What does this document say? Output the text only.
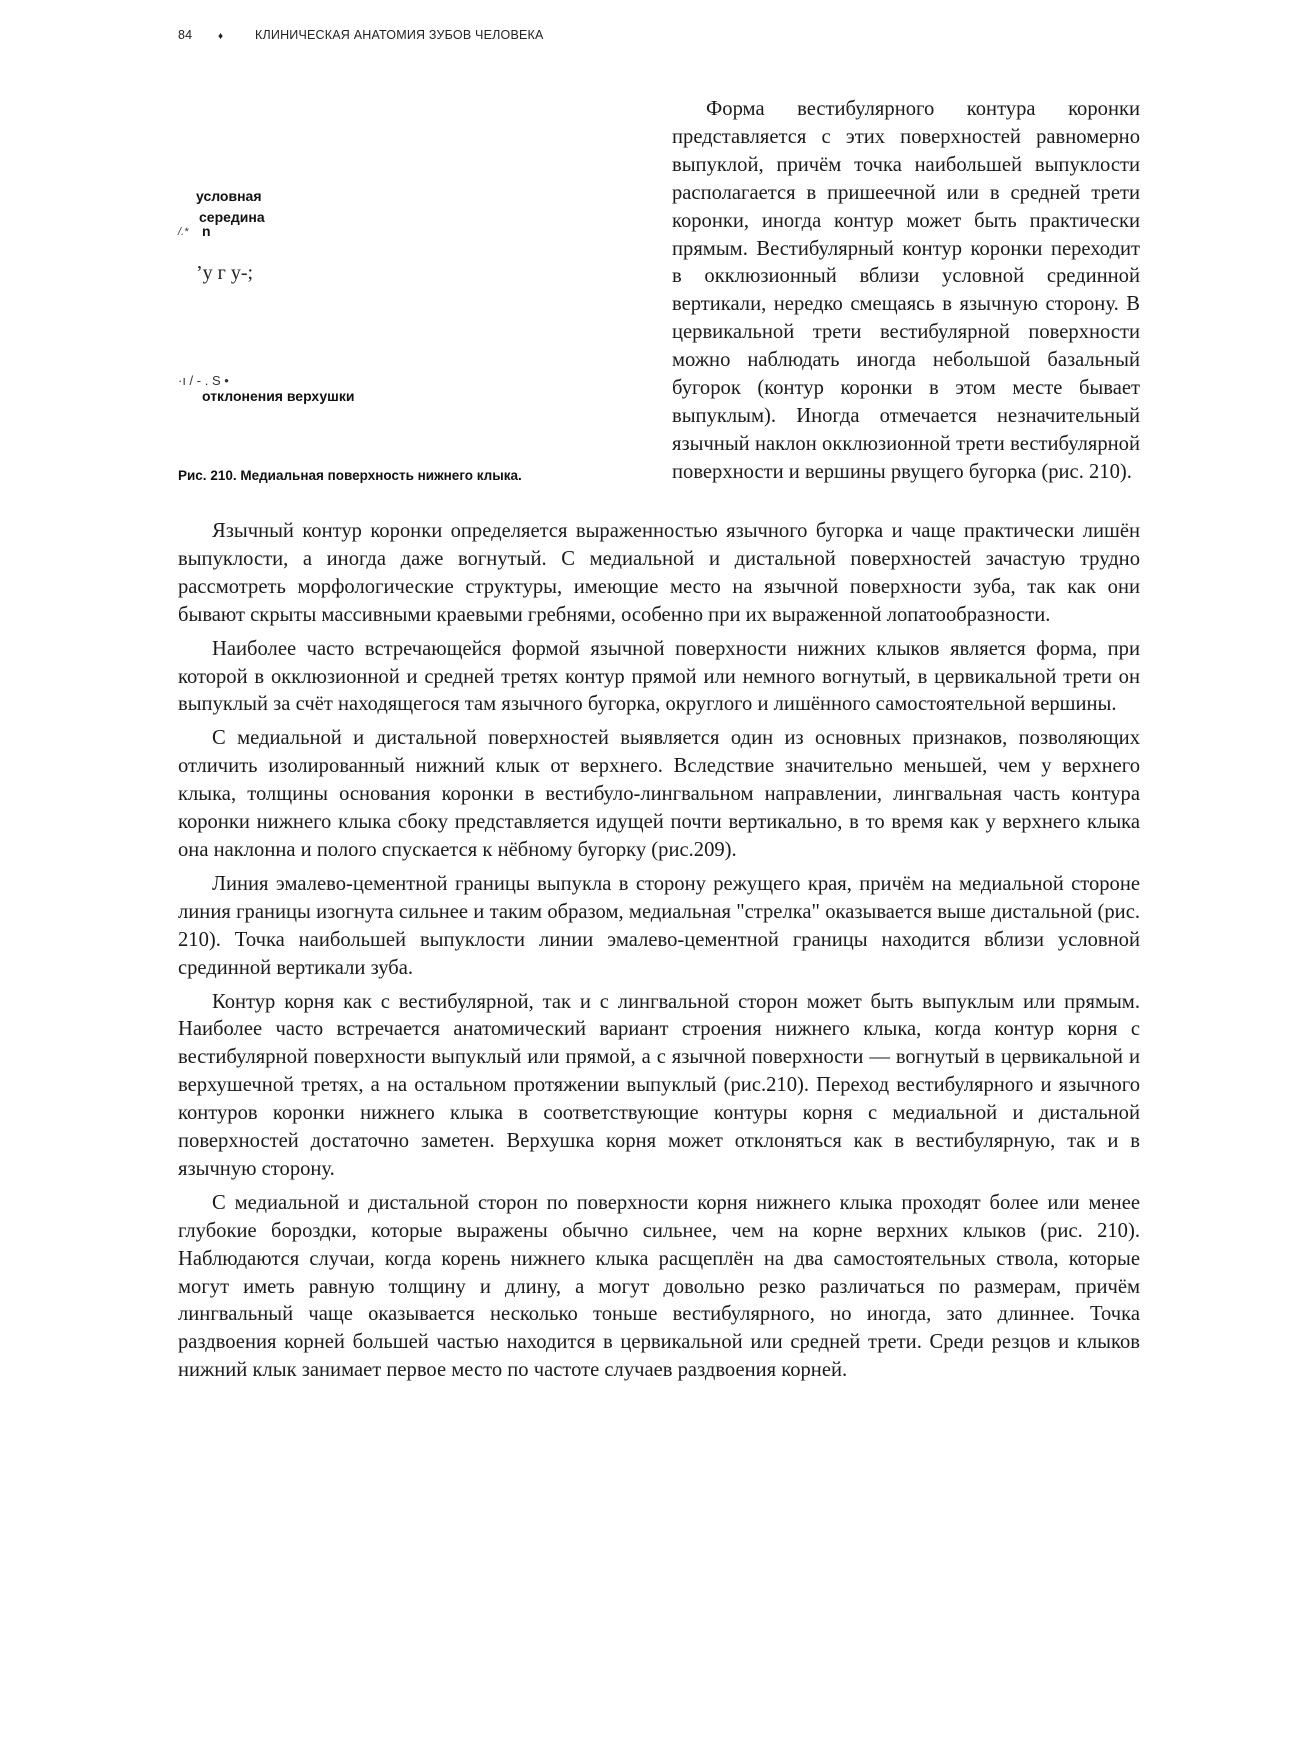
84	♦	КЛИНИЧЕСКАЯ АНАТОМИЯ ЗУБОВ ЧЕЛОВЕКА
условная
середина
/.* n
’у г у-;
·ı / - . S •
отклонения верхушки
Рис. 210. Медиальная поверхность нижнего клыка.

Форма вестибулярного контура коронки представляется с этих поверхностей равномерно выпуклой, причём точка наибольшей выпуклости располагается в пришеечной или в средней трети коронки, иногда контур может быть практически прямым. Вестибулярный контур коронки переходит в окклюзионный вблизи условной срединной вертикали, нередко смещаясь в язычную сторону. В цервикальной трети вестибулярной поверхности можно наблюдать иногда небольшой базальный бугорок (контур коронки в этом месте бывает выпуклым). Иногда отмечается незначительный язычный наклон окклюзионной трети вестибулярной поверхности и вершины рвущего бугорка (рис. 210).

Язычный контур коронки определяется выраженностью язычного бугорка и чаще практически лишён выпуклости, а иногда даже вогнутый. С медиальной и дистальной поверхностей зачастую трудно рассмотреть морфологические структуры, имеющие место на язычной поверхности зуба, так как они бывают скрыты массивными краевыми гребнями, особенно при их выраженной лопатообразности.

Наиболее часто встречающейся формой язычной поверхности нижних клыков является форма, при которой в окклюзионной и средней третях контур прямой или немного вогнутый, в цервикальной трети он выпуклый за счёт находящегося там язычного бугорка, округлого и лишённого самостоятельной вершины.

С медиальной и дистальной поверхностей выявляется один из основных признаков, позволяющих отличить изолированный нижний клык от верхнего. Вследствие значительно меньшей, чем у верхнего клыка, толщины основания коронки в вестибуло-лингвальном направлении, лингвальная часть контура коронки нижнего клыка сбоку представляется идущей почти вертикально, в то время как у верхнего клыка она наклонна и полого спускается к нёбному бугорку (рис.209).

Линия эмалево-цементной границы выпукла в сторону режущего края, причём на медиальной стороне линия границы изогнута сильнее и таким образом, медиальная "стрелка" оказывается выше дистальной (рис. 210). Точка наибольшей выпуклости линии эмалево-цементной границы находится вблизи условной срединной вертикали зуба.

Контур корня как с вестибулярной, так и с лингвальной сторон может быть выпуклым или прямым. Наиболее часто встречается анатомический вариант строения нижнего клыка, когда контур корня с вестибулярной поверхности выпуклый или прямой, а с язычной поверхности — вогнутый в цервикальной и верхушечной третях, а на остальном протяжении выпуклый (рис.210). Переход вестибулярного и язычного контуров коронки нижнего клыка в соответствующие контуры корня с медиальной и дистальной поверхностей достаточно заметен. Верхушка корня может отклоняться как в вестибулярную, так и в язычную сторону.

С медиальной и дистальной сторон по поверхности корня нижнего клыка проходят более или менее глубокие бороздки, которые выражены обычно сильнее, чем на корне верхних клыков (рис. 210). Наблюдаются случаи, когда корень нижнего клыка расщеплён на два самостоятельных ствола, которые могут иметь равную толщину и длину, а могут довольно резко различаться по размерам, причём лингвальный чаще оказывается несколько тоньше вестибулярного, но иногда, зато длиннее. Точка раздвоения корней большей частью находится в цервикальной или средней трети. Среди резцов и клыков нижний клык занимает первое место по частоте случаев раздвоения корней.
